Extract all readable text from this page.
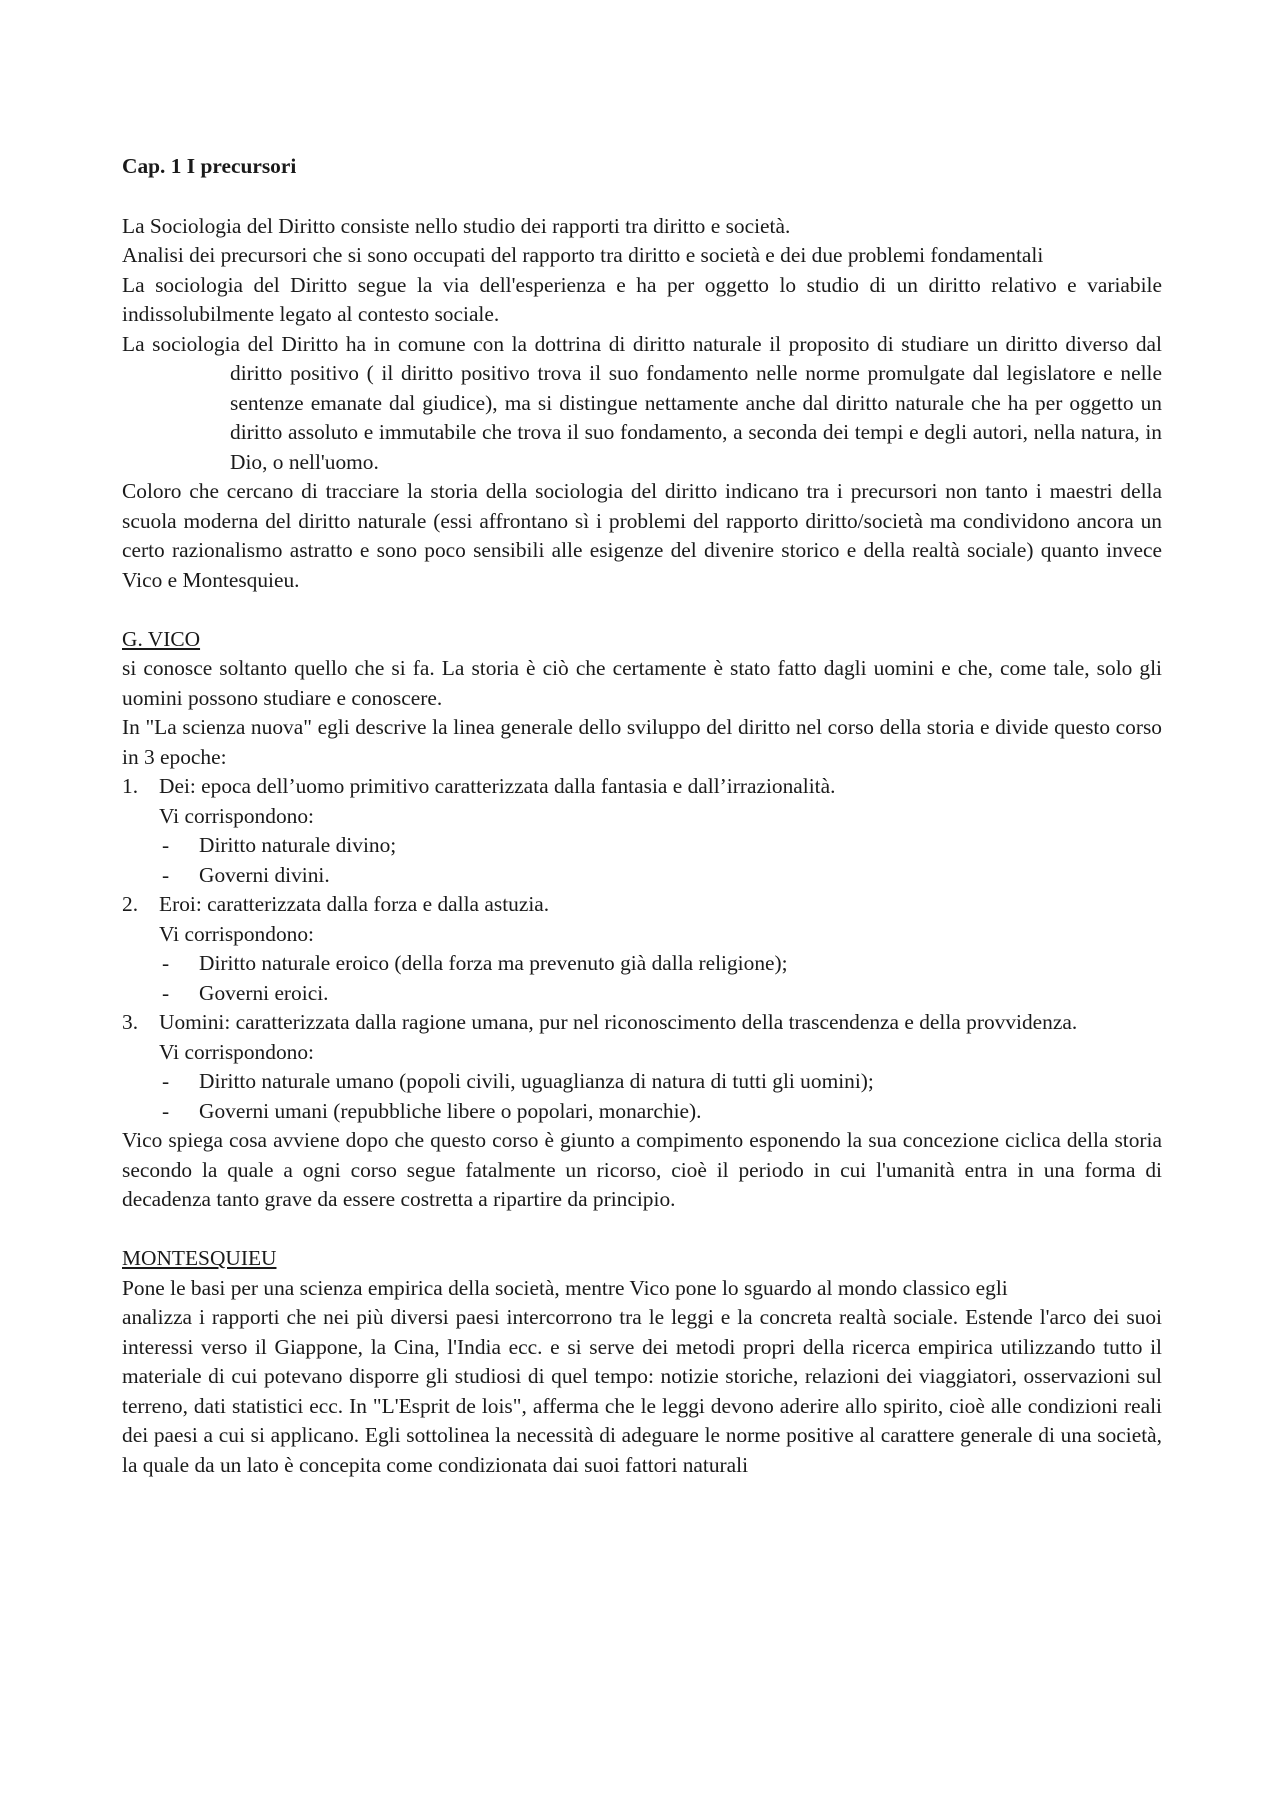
Cap. 1 I precursori

La Sociologia del Diritto consiste nello studio dei rapporti tra diritto e società.

Analisi dei precursori che si sono occupati del rapporto tra diritto e società e dei due problemi fondamentali

La sociologia del Diritto segue la via dell'esperienza e ha per oggetto lo studio di un diritto relativo e variabile indissolubilmente legato al contesto sociale.

La sociologia del Diritto ha in comune con la dottrina di diritto naturale il proposito di studiare un diritto diverso dal diritto positivo ( il diritto positivo trova il suo fondamento nelle norme promulgate dal legislatore e nelle sentenze emanate dal giudice), ma si distingue nettamente anche dal diritto naturale che ha per oggetto un diritto assoluto e immutabile che trova il suo fondamento, a seconda dei tempi e degli autori, nella natura, in Dio, o nell'uomo.

Coloro che cercano di tracciare la storia della sociologia del diritto indicano tra i precursori non tanto i maestri della scuola moderna del diritto naturale (essi affrontano sì i problemi del rapporto diritto/società ma condividono ancora un certo razionalismo astratto e sono poco sensibili alle esigenze del divenire storico e della realtà sociale) quanto invece Vico e Montesquieu.

G. VICO

si conosce soltanto quello che si fa. La storia è ciò che certamente è stato fatto dagli uomini e che, come tale, solo gli uomini possono studiare e conoscere.

In "La scienza nuova" egli descrive la linea generale dello sviluppo del diritto nel corso della storia e divide questo corso in 3 epoche:

1. Dei: epoca dell’uomo primitivo caratterizzata dalla fantasia e dall’irrazionalità.

Vi corrispondono:

- Diritto naturale divino;
- Governi divini.
2. Eroi: caratterizzata dalla forza e dalla astuzia.

Vi corrispondono:

- Diritto naturale eroico (della forza ma prevenuto già dalla religione);
- Governi eroici.
3. Uomini: caratterizzata dalla ragione umana, pur nel riconoscimento della trascendenza e della provvidenza.

Vi corrispondono:

- Diritto naturale umano (popoli civili, uguaglianza di natura di tutti gli uomini);
- Governi umani (repubbliche libere o popolari, monarchie).

Vico spiega cosa avviene dopo che questo corso è giunto a compimento esponendo la sua concezione ciclica della storia secondo la quale a ogni corso segue fatalmente un ricorso, cioè il periodo in cui l'umanità entra in una forma di decadenza tanto grave da essere costretta a ripartire da principio.

MONTESQUIEU

Pone le basi per una scienza empirica della società, mentre Vico pone lo sguardo al mondo classico egli

analizza i rapporti che nei più diversi paesi intercorrono tra le leggi e la concreta realtà sociale. Estende l'arco dei suoi interessi verso il Giappone, la Cina, l'India ecc. e si serve dei metodi propri della ricerca empirica utilizzando tutto il materiale di cui potevano disporre gli studiosi di quel tempo: notizie storiche, relazioni dei viaggiatori, osservazioni sul terreno, dati statistici ecc. In "L'Esprit de lois", afferma che le leggi devono aderire allo spirito, cioè alle condizioni reali dei paesi a cui si applicano. Egli sottolinea la necessità di adeguare le norme positive al carattere generale di una società, la quale da un lato è concepita come condizionata dai suoi fattori naturali
